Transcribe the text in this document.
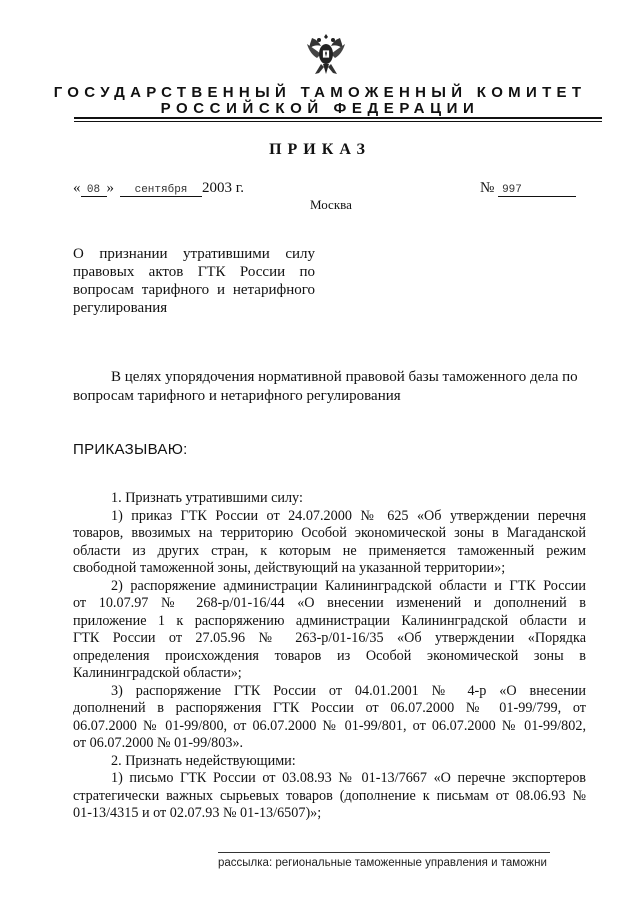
ГОСУДАРСТВЕННЫЙ ТАМОЖЕННЫЙ КОМИТЕТ
РОССИЙСКОЙ ФЕДЕРАЦИИ
ПРИКАЗ
« 08 » сентября 2003 г.	№ 997
Москва
О признании утратившими силу
правовых актов ГТК России по
вопросам тарифного и нетарифного
регулирования
В целях упорядочения нормативной правовой базы таможенного дела по
вопросам тарифного и нетарифного регулирования
ПРИКАЗЫВАЮ:
1. Признать утратившими силу:
1) приказ ГТК России от 24.07.2000 № 625 «Об утверждении перечня
товаров, ввозимых на территорию Особой экономической зоны в Магаданской
области из других стран, к которым не применяется таможенный режим
свободной таможенной зоны, действующий на указанной территории»;
2) распоряжение администрации Калининградской области и ГТК России
от 10.07.97 № 268-р/01-16/44 «О внесении изменений и дополнений в
приложение 1 к распоряжению администрации Калининградской области и
ГТК России от 27.05.96 № 263-р/01-16/35 «Об утверждении «Порядка
определения происхождения товаров из Особой экономической зоны в
Калининградской области»;
3) распоряжение ГТК России от 04.01.2001 № 4-р «О внесении
дополнений в распоряжения ГТК России от 06.07.2000 № 01-99/799, от
06.07.2000 № 01-99/800, от 06.07.2000 № 01-99/801, от 06.07.2000 № 01-99/802,
от 06.07.2000 № 01-99/803».
2. Признать недействующими:
1) письмо ГТК России от 03.08.93 № 01-13/7667 «О перечне экспортеров
стратегически важных сырьевых товаров (дополнение к письмам от 08.06.93 №
01-13/4315 и от 02.07.93 № 01-13/6507)»;
рассылка: региональные таможенные управления и таможни
